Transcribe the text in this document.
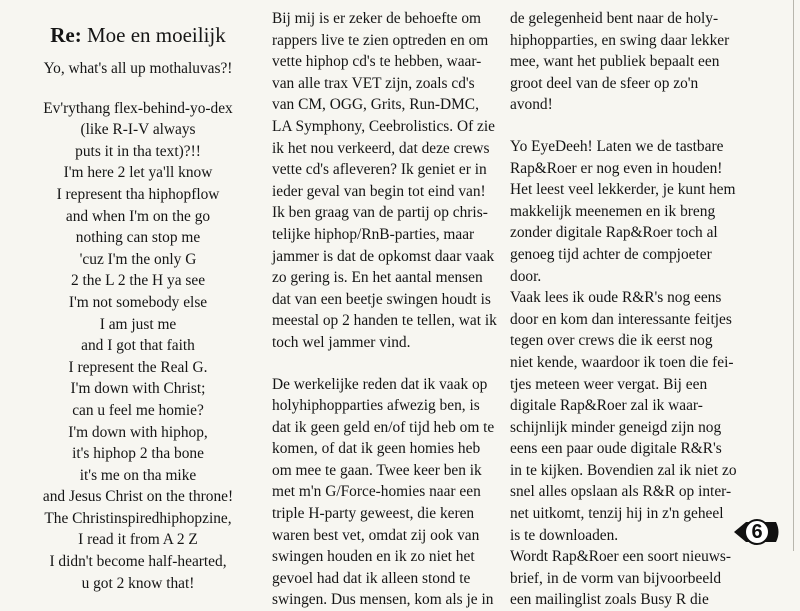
Re: Moe en moeilijk

Yo, what's all up mothaluvas?!

Ev'rythang flex-behind-yo-dex

(like R-I-V always

puts it in tha text)?!!

I'm here 2 let ya'll know

I represent tha hiphopflow

and when I'm on the go

nothing can stop me

'cuz I'm the only G

2 the L 2 the H ya see

I'm not somebody else

I am just me

and I got that faith

I represent the Real G.

I'm down with Christ;

can u feel me homie?

I'm down with hiphop,

it's hiphop 2 tha bone

it's me on tha mike

and Jesus Christ on the throne!

The Christinspiredhiphopzine,

I read it from A 2 Z

I didn't become half-hearted,

u got 2 know that!

Bij mij is er zeker de behoefte om

rappers live te zien optreden en om

vette hiphop cd's te hebben, waar-

van alle trax VET zijn, zoals cd's

van CM, OGG, Grits, Run-DMC,

LA Symphony, Ceebrolistics. Of zie

ik het nou verkeerd, dat deze crews

vette cd's afleveren? Ik geniet er in

ieder geval van begin tot eind van!

Ik ben graag van de partij op chris-

telijke hiphop/RnB-parties, maar

jammer is dat de opkomst daar vaak

zo gering is. En het aantal mensen

dat van een beetje swingen houdt is

meestal op 2 handen te tellen, wat ik

toch wel jammer vind.

De werkelijke reden dat ik vaak op

holyhiphopparties afwezig ben, is

dat ik geen geld en/of tijd heb om te

komen, of dat ik geen homies heb

om mee te gaan. Twee keer ben ik

met m'n G/Force-homies naar een

triple H-party geweest, die keren

waren best vet, omdat zij ook van

swingen houden en ik zo niet het

gevoel had dat ik alleen stond te

swingen. Dus mensen, kom als je in

de gelegenheid bent naar de holy-

hiphopparties, en swing daar lekker

mee, want het publiek bepaalt een

groot deel van de sfeer op zo'n

avond!

Yo EyeDeeh! Laten we de tastbare

Rap&Roer er nog even in houden!

Het leest veel lekkerder, je kunt hem

makkelijk meenemen en ik breng

zonder digitale Rap&Roer toch al

genoeg tijd achter de compjoeter

door.

Vaak lees ik oude R&R's nog eens

door en kom dan interessante feitjes

tegen over crews die ik eerst nog

niet kende, waardoor ik toen die fei-

tjes meteen weer vergat. Bij een

digitale Rap&Roer zal ik waar-

schijnlijk minder geneigd zijn nog

eens een paar oude digitale R&R's

in te kijken. Bovendien zal ik niet zo

snel alles opslaan als R&R op inter-

net uitkomt, tenzij hij in z'n geheel

is te downloaden.

Wordt Rap&Roer een soort nieuws-

brief, in de vorm van bijvoorbeeld

een mailinglist zoals Busy R die

6
